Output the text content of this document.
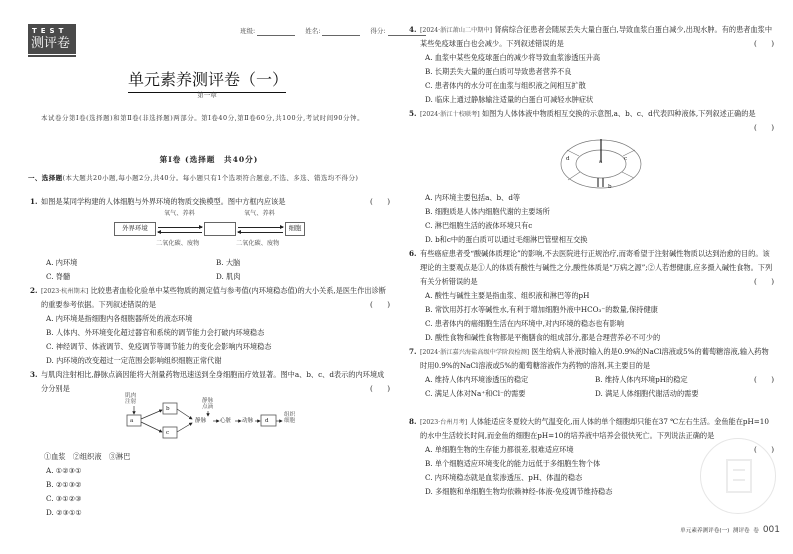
TEST
测评卷
班级:	姓名:	得分:
单元素养测评卷（一）
第一章
本试卷分第Ⅰ卷(选择题)和第Ⅱ卷(非选择题)两部分。第Ⅰ卷40分,第Ⅱ卷60分,共100分,考试时间90分钟。
第Ⅰ卷 (选择题　共40分)
一、选择题(本大题共20小题,每小题2分,共40分。每小题只有1个选项符合题意,不选、多选、错选均不得分)
1. 如图是某同学构建的人体细胞与外界环境的物质交换模型。图中方框内应该是	(　　)
外界环境	细胞
氧气、养料	氧气、养料
二氧化碳、废物	二氧化碳、废物
A. 内环境	B. 大脑
C. 脊髓	D. 肌肉
2. [2023·杭州期末] 比较患者血检化验单中某些物质的测定值与参考值(内环境稳态值)的大小关系,是医生作出诊断的重要参考依据。下列叙述错误的是	(　　)
A. 内环境是指细胞内各细胞器所处的液态环境
B. 人体内、外环境变化超过器官和系统的调节能力会打破内环境稳态
C. 神经调节、体液调节、免疫调节等调节能力的变化会影响内环境稳态
D. 内环境的改变超过一定范围会影响组织细胞正常代谢
3. 与肌肉注射相比,静脉点滴因能将大剂量药物迅速送到全身细胞而疗效显著。图中a、b、c、d表示的内环境成分分别是	(　　)
肌肉注射	静脉点滴
a
b
c
d
静脉 心脏 动脉
组织细胞
①血浆　②组织液　③淋巴
A. ①②③①
B. ②①③②
C. ③①②③
D. ②③①①
4. [2024·浙江萧山二中期中] 肾病综合征患者会随尿丢失大量白蛋白,导致血浆白蛋白减少,出现水肿。有的患者血浆中某些免疫球蛋白也会减少。下列叙述错误的是	(　　)
A. 血浆中某些免疫球蛋白的减少将导致血浆渗透压升高
B. 长期丢失大量的蛋白质可导致患者营养不良
C. 患者体内的水分可在血浆与组织液之间相互扩散
D. 临床上通过静脉输注适量的白蛋白可减轻水肿症状
5. [2024·浙江十校联考] 如图为人体体液中物质相互交换的示意图,a、b、c、d代表四种液体,下列叙述正确的是
(　　)
a
b
c
d
A. 内环境主要包括a、b、d等
B. 细胞质是人体内细胞代谢的主要场所
C. 淋巴细胞生活的液体环境只有c
D. b和c中的蛋白质可以通过毛细淋巴管壁相互交换
6. 有些癌症患者受“酸碱体质理论”的影响,不去医院进行正规治疗,而寄希望于注射碱性物质以达到治愈的目的。该理论的主要观点是①人的体质有酸性与碱性之分,酸性体质是“万病之源”;②人若想健康,应多摄入碱性食物。下列有关分析错误的是	(　　)
A. 酸性与碱性主要是指血浆、组织液和淋巴等的pH
B. 常饮用苏打水等碱性水,有利于增加细胞外液中HCO₃⁻的数量,保持健康
C. 患者体内的癌细胞生活在内环境中,对内环境的稳态也有影响
D. 酸性食物和碱性食物都是平衡膳食的组成部分,都是合理营养必不可少的
7. [2024·浙江嘉兴海盐高级中学阶段检测] 医生给病人补液时输入的是0.9%的NaCl溶液或5%的葡萄糖溶液,输入药物时用0.9%的NaCl溶液或5%的葡萄糖溶液作为药物的溶剂,其主要目的是
(　　)
A. 维持人体内环境渗透压的稳定	B. 维持人体内环境pH的稳定
C. 满足人体对Na⁺和Cl⁻的需要	D. 满足人体细胞代谢活动的需要
8. [2023·台州月考] 人体能适应冬夏较大的气温变化,而人体的单个细胞却只能在37 ℃左右生活。金鱼能在pH=10的水中生活较长时间,而金鱼的细胞在pH=10的培养液中培养会很快死亡。下列说法正确的是
(　　)
A. 单细胞生物的生存能力都很差,很难适应环境
B. 单个细胞适应环境变化的能力远低于多细胞生物个体
C. 内环境稳态就是血浆渗透压、pH、体温的稳态
D. 多细胞和单细胞生物均依赖神经-体液-免疫调节维持稳态
单元素养测评卷(一) 测评卷 卷 001
